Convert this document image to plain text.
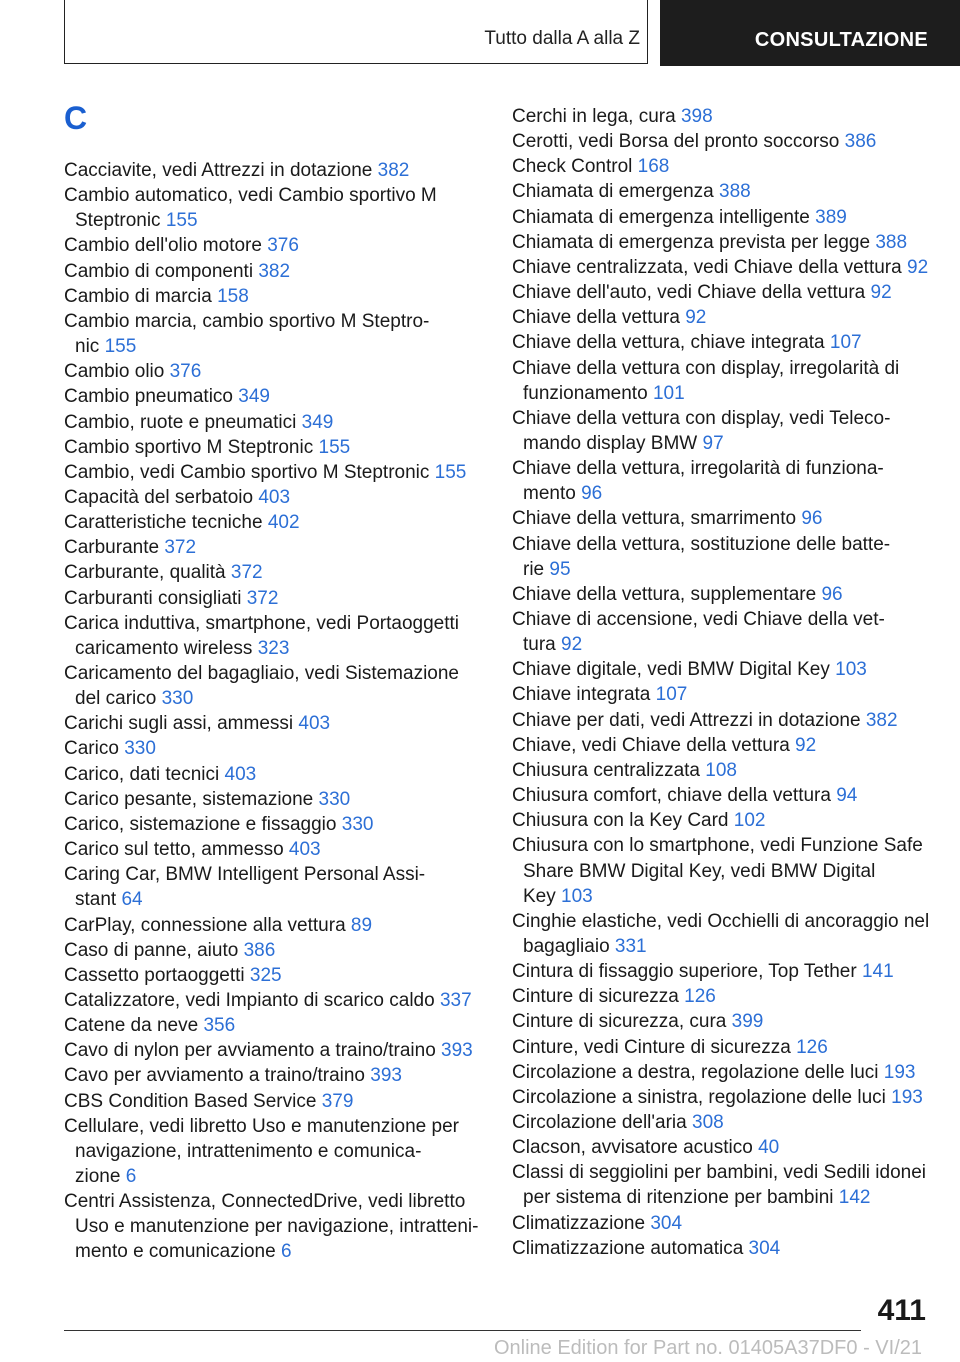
Tutto dalla A alla Z	CONSULTAZIONE
C
Cacciavite, vedi Attrezzi in dotazione 382
Cambio automatico, vedi Cambio sportivo M
Steptronic 155
Cambio dell'olio motore 376
Cambio di componenti 382
Cambio di marcia 158
Cambio marcia, cambio sportivo M Steptro-
nic 155
Cambio olio 376
Cambio pneumatico 349
Cambio, ruote e pneumatici 349
Cambio sportivo M Steptronic 155
Cambio, vedi Cambio sportivo M Steptronic 155
Capacità del serbatoio 403
Caratteristiche tecniche 402
Carburante 372
Carburante, qualità 372
Carburanti consigliati 372
Carica induttiva, smartphone, vedi Portaoggetti
caricamento wireless 323
Caricamento del bagagliaio, vedi Sistemazione
del carico 330
Carichi sugli assi, ammessi 403
Carico 330
Carico, dati tecnici 403
Carico pesante, sistemazione 330
Carico, sistemazione e fissaggio 330
Carico sul tetto, ammesso 403
Caring Car, BMW Intelligent Personal Assi-
stant 64
CarPlay, connessione alla vettura 89
Caso di panne, aiuto 386
Cassetto portaoggetti 325
Catalizzatore, vedi Impianto di scarico caldo 337
Catene da neve 356
Cavo di nylon per avviamento a traino/traino 393
Cavo per avviamento a traino/traino 393
CBS Condition Based Service 379
Cellulare, vedi libretto Uso e manutenzione per
navigazione, intrattenimento e comunica-
zione 6
Centri Assistenza, ConnectedDrive, vedi libretto
Uso e manutenzione per navigazione, intratteni-
mento e comunicazione 6
Cerchi in lega, cura 398
Cerotti, vedi Borsa del pronto soccorso 386
Check Control 168
Chiamata di emergenza 388
Chiamata di emergenza intelligente 389
Chiamata di emergenza prevista per legge 388
Chiave centralizzata, vedi Chiave della vettura 92
Chiave dell'auto, vedi Chiave della vettura 92
Chiave della vettura 92
Chiave della vettura, chiave integrata 107
Chiave della vettura con display, irregolarità di
funzionamento 101
Chiave della vettura con display, vedi Teleco-
mando display BMW 97
Chiave della vettura, irregolarità di funziona-
mento 96
Chiave della vettura, smarrimento 96
Chiave della vettura, sostituzione delle batte-
rie 95
Chiave della vettura, supplementare 96
Chiave di accensione, vedi Chiave della vet-
tura 92
Chiave digitale, vedi BMW Digital Key 103
Chiave integrata 107
Chiave per dati, vedi Attrezzi in dotazione 382
Chiave, vedi Chiave della vettura 92
Chiusura centralizzata 108
Chiusura comfort, chiave della vettura 94
Chiusura con la Key Card 102
Chiusura con lo smartphone, vedi Funzione Safe
Share BMW Digital Key, vedi BMW Digital
Key 103
Cinghie elastiche, vedi Occhielli di ancoraggio nel
bagagliaio 331
Cintura di fissaggio superiore, Top Tether 141
Cinture di sicurezza 126
Cinture di sicurezza, cura 399
Cinture, vedi Cinture di sicurezza 126
Circolazione a destra, regolazione delle luci 193
Circolazione a sinistra, regolazione delle luci 193
Circolazione dell'aria 308
Clacson, avvisatore acustico 40
Classi di seggiolini per bambini, vedi Sedili idonei
per sistema di ritenzione per bambini 142
Climatizzazione 304
Climatizzazione automatica 304
411
Online Edition for Part no. 01405A37DF0 - VI/21
